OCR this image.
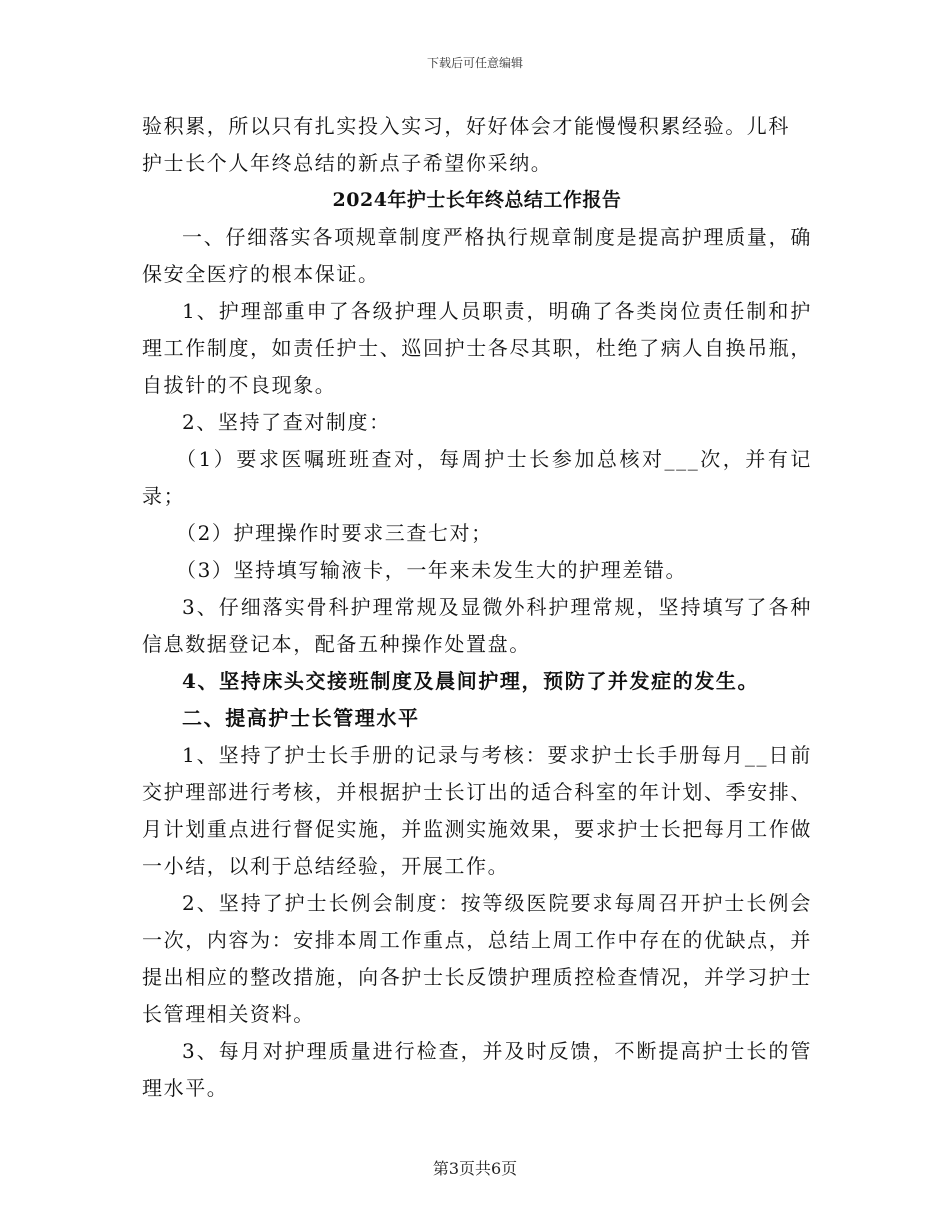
下载后可任意编辑

验积累，所以只有扎实投入实习，好好体会才能慢慢积累经验。儿科

护士长个人年终总结的新点子希望你采纳。

2024年护士长年终总结工作报告

一、仔细落实各项规章制度严格执行规章制度是提高护理质量，确保安全医疗的根本保证。

1、护理部重申了各级护理人员职责，明确了各类岗位责任制和护理工作制度，如责任护士、巡回护士各尽其职，杜绝了病人自换吊瓶，自拔针的不良现象。

2、坚持了查对制度：

（1）要求医嘱班班查对，每周护士长参加总核对___次，并有记录；

（2）护理操作时要求三查七对；

（3）坚持填写输液卡，一年来未发生大的护理差错。

3、仔细落实骨科护理常规及显微外科护理常规，坚持填写了各种信息数据登记本，配备五种操作处置盘。

4、坚持床头交接班制度及晨间护理，预防了并发症的发生。

二、提高护士长管理水平

1、坚持了护士长手册的记录与考核：要求护士长手册每月__日前交护理部进行考核，并根据护士长订出的适合科室的年计划、季安排、月计划重点进行督促实施，并监测实施效果，要求护士长把每月工作做一小结，以利于总结经验，开展工作。

2、坚持了护士长例会制度：按等级医院要求每周召开护士长例会一次，内容为：安排本周工作重点，总结上周工作中存在的优缺点，并提出相应的整改措施，向各护士长反馈护理质控检查情况，并学习护士长管理相关资料。

3、每月对护理质量进行检查，并及时反馈，不断提高护士长的管理水平。

第3页共6页
